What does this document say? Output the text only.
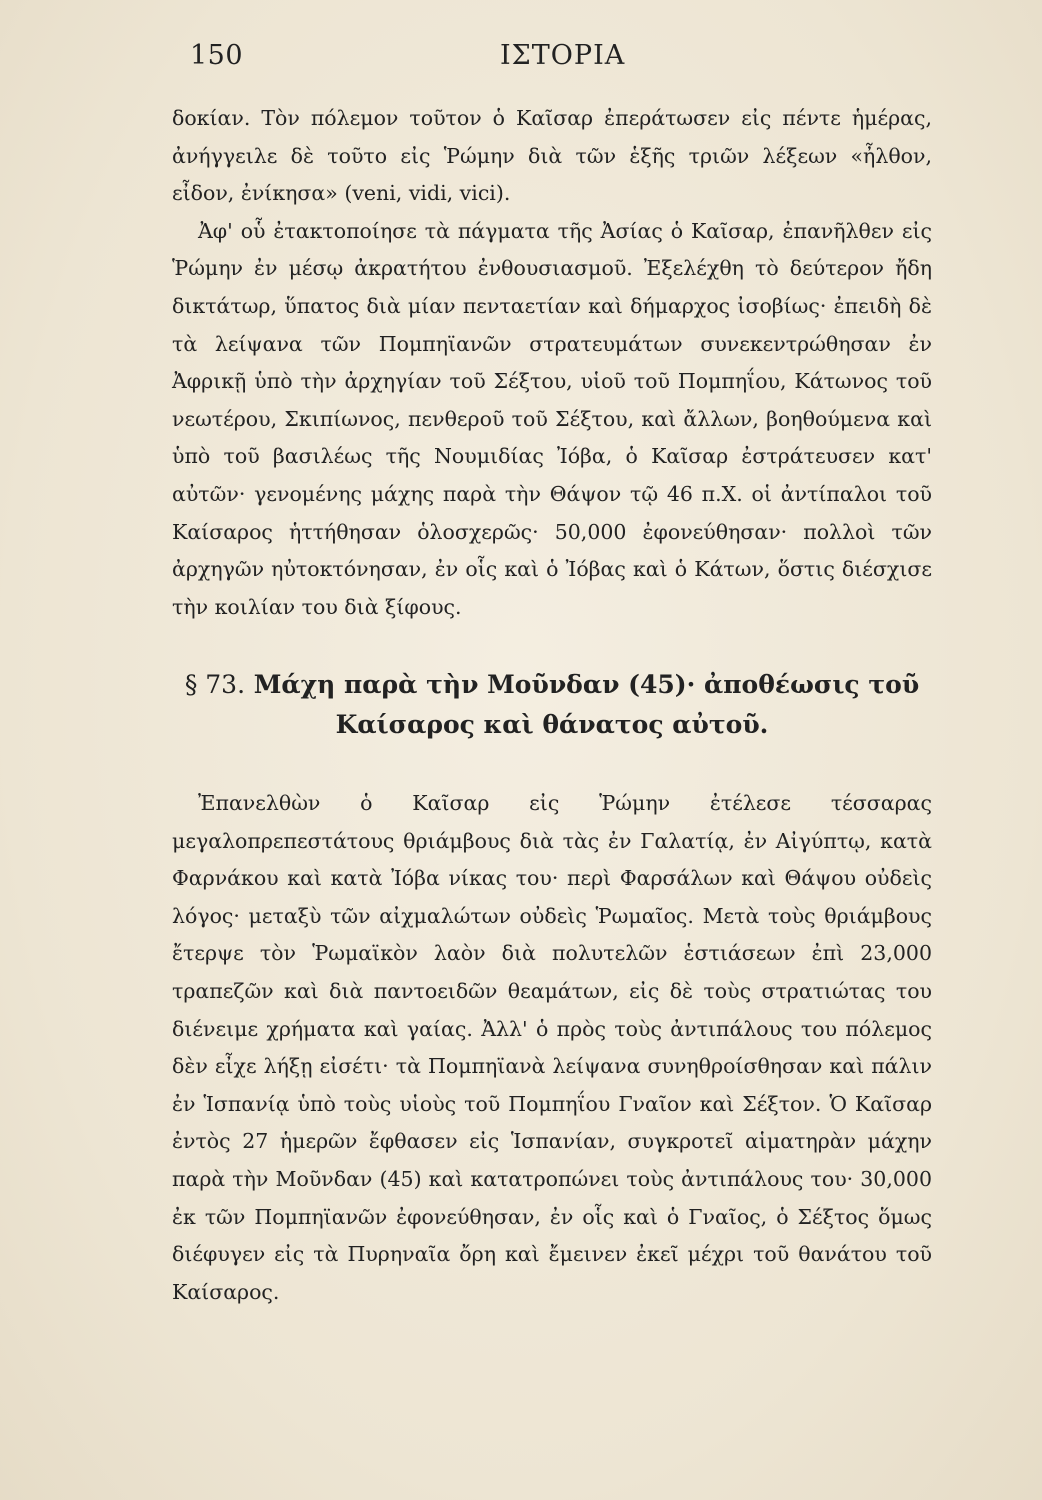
150	ΙΣΤΟΡΙΑ

δοκίαν. Τὸν πόλεμον τοῦτον ὁ Καῖσαρ ἐπεράτωσεν εἰς πέντε ἡμέρας, ἀνήγγειλε δὲ τοῦτο εἰς Ῥώμην διὰ τῶν ἑξῆς τριῶν λέξεων «ἦλθον, εἶδον, ἐνίκησα» (veni, vidi, vici).

Ἀφ' οὗ ἐτακτοποίησε τὰ πάγματα τῆς Ἀσίας ὁ Καῖσαρ, ἐπανῆλθεν εἰς Ῥώμην ἐν μέσῳ ἀκρατήτου ἐνθουσιασμοῦ. Ἐξελέχθη τὸ δεύτερον ἤδη δικτάτωρ, ὕπατος διὰ μίαν πενταετίαν καὶ δήμαρχος ἰσοβίως· ἐπειδὴ δὲ τὰ λείψανα τῶν Πομπηϊανῶν στρατευμάτων συνεκεντρώθησαν ἐν Ἀφρικῇ ὑπὸ τὴν ἀρχηγίαν τοῦ Σέξτου, υἱοῦ τοῦ Πομπηΐου, Κάτωνος τοῦ νεωτέρου, Σκιπίωνος, πενθεροῦ τοῦ Σέξτου, καὶ ἄλλων, βοηθούμενα καὶ ὑπὸ τοῦ βασιλέως τῆς Νουμιδίας Ἰόβα, ὁ Καῖσαρ ἐστράτευσεν κατ' αὐτῶν· γενομένης μάχης παρὰ τὴν Θάψον τῷ 46 π.Χ. οἱ ἀντίπαλοι τοῦ Καίσαρος ἡττήθησαν ὁλοσχερῶς· 50,000 ἐφονεύθησαν· πολλοὶ τῶν ἀρχηγῶν ηὐτοκτόνησαν, ἐν οἷς καὶ ὁ Ἰόβας καὶ ὁ Κάτων, ὅστις διέσχισε τὴν κοιλίαν του διὰ ξίφους.

§ 73. Μάχη παρὰ τὴν Μοῦνδαν (45)· ἀποθέωσις τοῦ Καίσαρος καὶ θάνατος αὐτοῦ.

Ἐπανελθὼν ὁ Καῖσαρ εἰς Ῥώμην ἐτέλεσε τέσσαρας μεγαλοπρεπεστάτους θριάμβους διὰ τὰς ἐν Γαλατίᾳ, ἐν Αἰγύπτῳ, κατὰ Φαρνάκου καὶ κατὰ Ἰόβα νίκας του· περὶ Φαρσάλων καὶ Θάψου οὐδεὶς λόγος· μεταξὺ τῶν αἰχμαλώτων οὐδεὶς Ῥωμαῖος. Μετὰ τοὺς θριάμβους ἔτερψε τὸν Ῥωμαϊκὸν λαὸν διὰ πολυτελῶν ἑστιάσεων ἐπὶ 23,000 τραπεζῶν καὶ διὰ παντοειδῶν θεαμάτων, εἰς δὲ τοὺς στρατιώτας του διένειμε χρήματα καὶ γαίας. Ἀλλ' ὁ πρὸς τοὺς ἀντιπάλους του πόλεμος δὲν εἶχε λήξῃ εἰσέτι· τὰ Πομπηϊανὰ λείψανα συνηθροίσθησαν καὶ πάλιν ἐν Ἱσπανίᾳ ὑπὸ τοὺς υἱοὺς τοῦ Πομπηΐου Γναῖον καὶ Σέξτον. Ὁ Καῖσαρ ἐντὸς 27 ἡμερῶν ἔφθασεν εἰς Ἱσπανίαν, συγκροτεῖ αἱματηρὰν μάχην παρὰ τὴν Μοῦνδαν (45) καὶ κατατροπώνει τοὺς ἀντιπάλους του· 30,000 ἐκ τῶν Πομπηϊανῶν ἐφονεύθησαν, ἐν οἷς καὶ ὁ Γναῖος, ὁ Σέξτος ὅμως διέφυγεν εἰς τὰ Πυρηναῖα ὄρη καὶ ἔμεινεν ἐκεῖ μέχρι τοῦ θανάτου τοῦ Καίσαρος.
